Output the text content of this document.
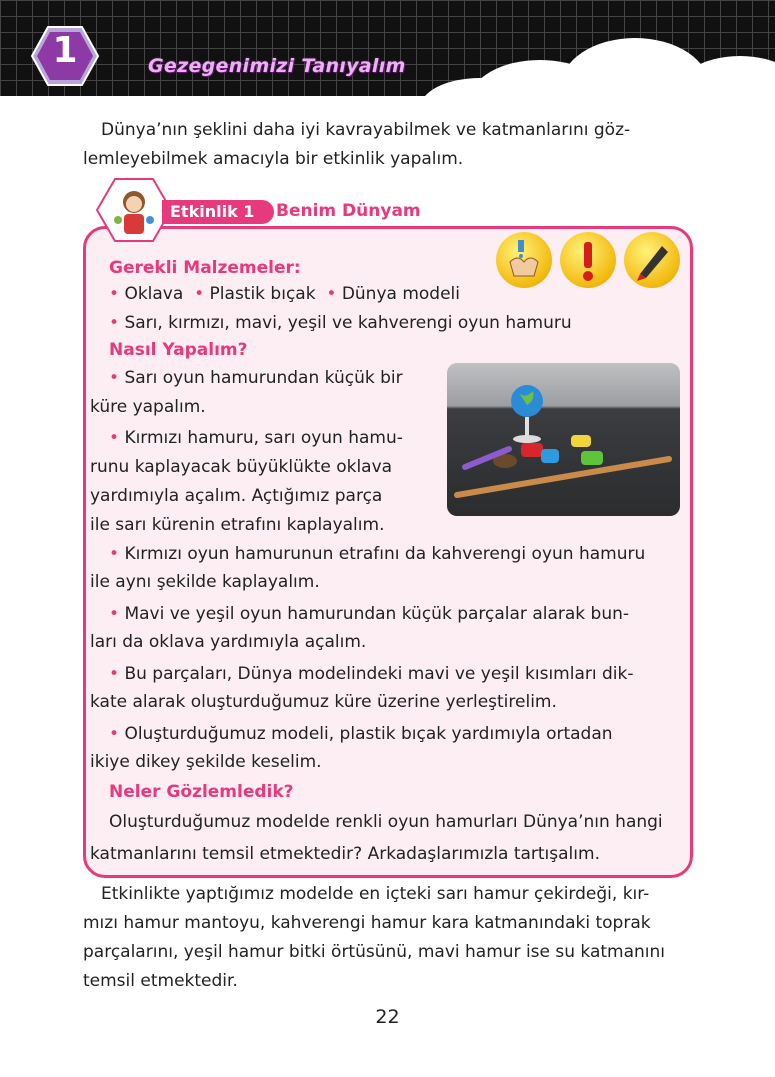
1	Gezegenimizi Tanıyalım
Dünya’nın şeklini daha iyi kavrayabilmek ve katmanlarını göz-
lemleyebilmek amacıyla bir etkinlik yapalım.
Etkinlik 1	Benim Dünyam
Gerekli Malzemeler:
• Oklava • Plastik bıçak • Dünya modeli
• Sarı, kırmızı, mavi, yeşil ve kahverengi oyun hamuru
Nasıl Yapalım?
• Sarı oyun hamurundan küçük bir
küre yapalım.
• Kırmızı hamuru, sarı oyun hamu-
runu kaplayacak büyüklükte oklava
yardımıyla açalım. Açtığımız parça
ile sarı kürenin etrafını kaplayalım.
• Kırmızı oyun hamurunun etrafını da kahverengi oyun hamuru
ile aynı şekilde kaplayalım.
• Mavi ve yeşil oyun hamurundan küçük parçalar alarak bun-
ları da oklava yardımıyla açalım.
• Bu parçaları, Dünya modelindeki mavi ve yeşil kısımları dik-
kate alarak oluşturduğumuz küre üzerine yerleştirelim.
• Oluşturduğumuz modeli, plastik bıçak yardımıyla ortadan
ikiye dikey şekilde keselim.
Neler Gözlemledik?
Oluşturduğumuz modelde renkli oyun hamurları Dünya’nın hangi
katmanlarını temsil etmektedir? Arkadaşlarımızla tartışalım.
Etkinlikte yaptığımız modelde en içteki sarı hamur çekirdeği, kır-
mızı hamur mantoyu, kahverengi hamur kara katmanındaki toprak
parçalarını, yeşil hamur bitki örtüsünü, mavi hamur ise su katmanını
temsil etmektedir.
22
